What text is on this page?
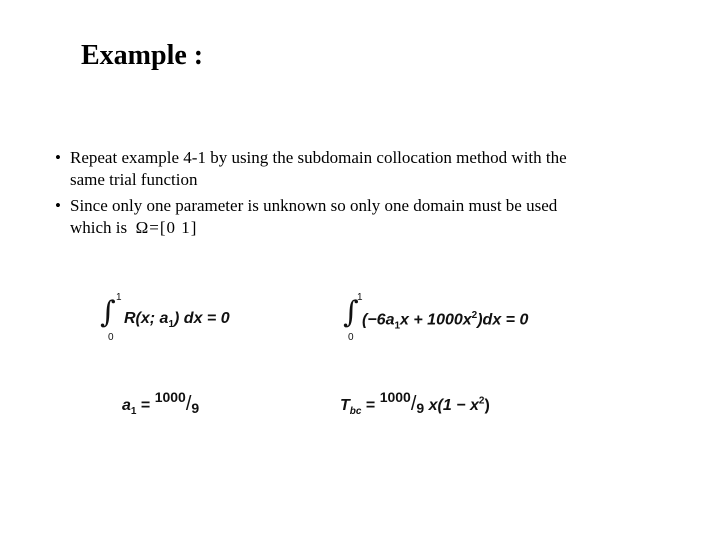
Example :
• Repeat example 4-1 by using the subdomain collocation method with the
same trial function
• Since only one parameter is unknown so only one domain must be used
which is Ω=[0 1]
∫ 1
0
R(x; $a_1$) dx = 0	∫
1
0
$(-6a_1x + 1000x^2)dx = 0$
$a_1 = 1000/9$	$T_{bc} = 1000/9$ $x(1 - x^2)$
